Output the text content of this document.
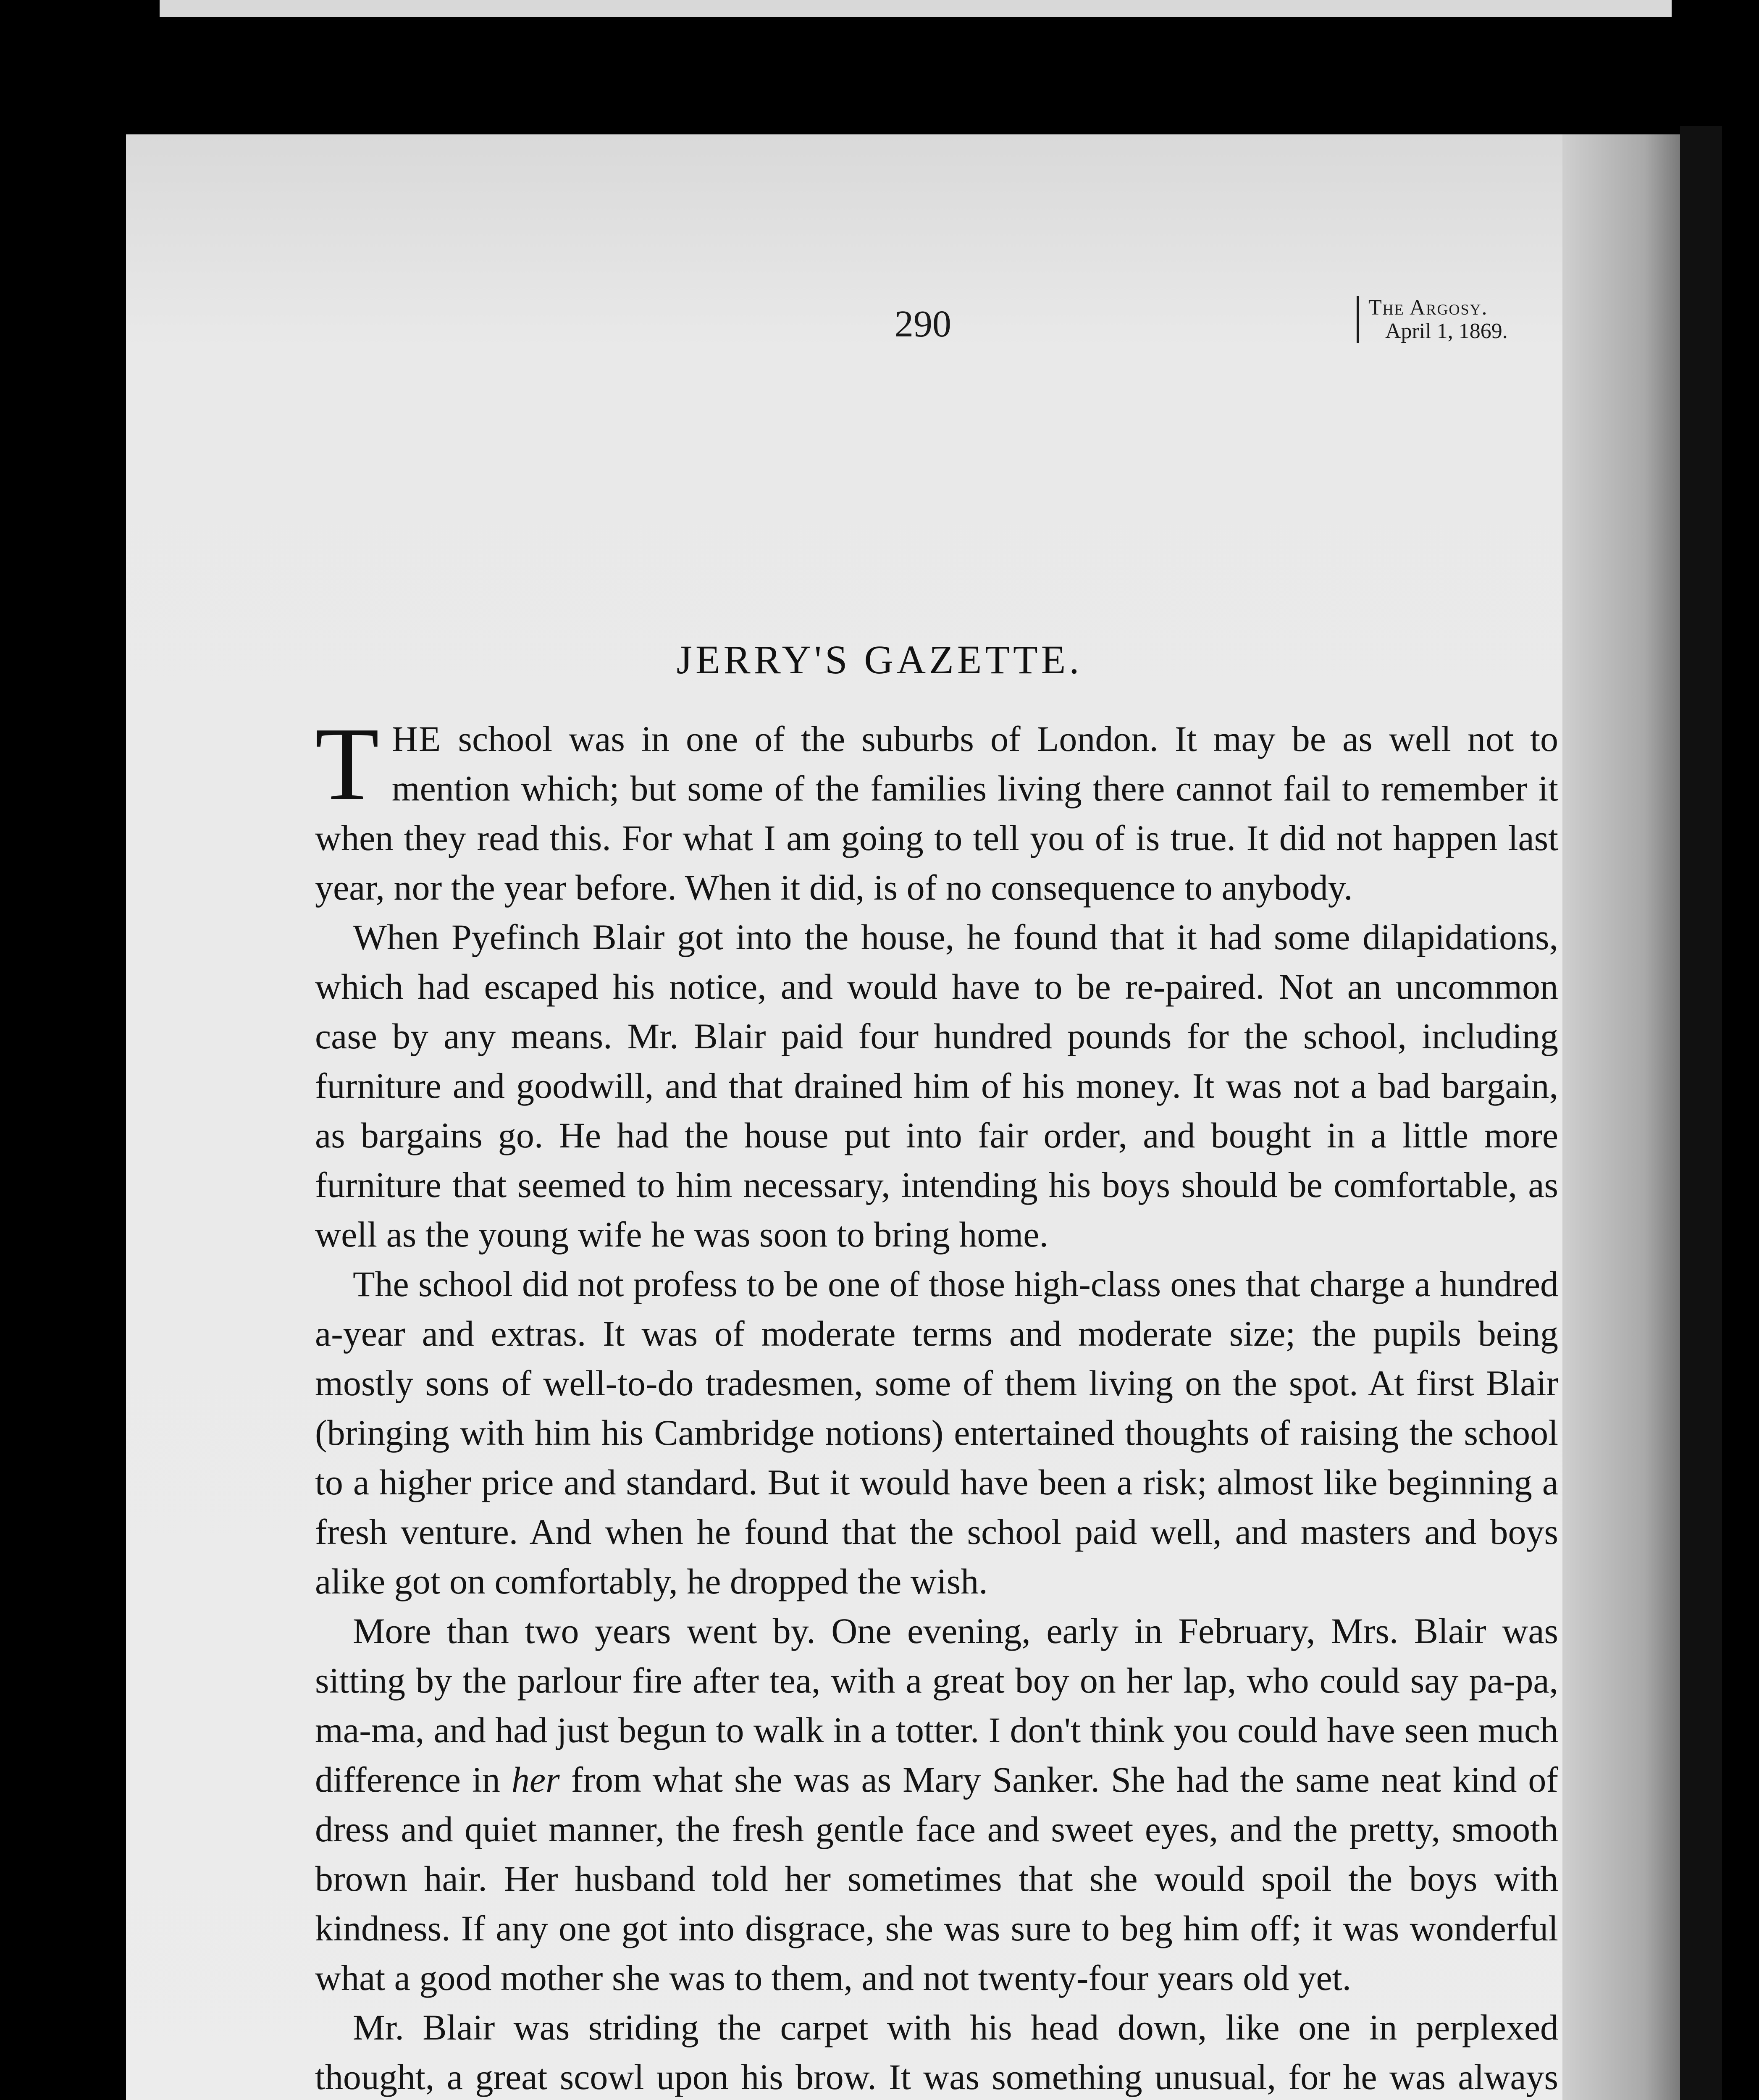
290	The Argosy.
April 1, 1869.
JERRY'S GAZETTE.

THE school was in one of the suburbs of London. It may be as well not to mention which; but some of the families living there cannot fail to remember it when they read this. For what I am going to tell you of is true. It did not happen last year, nor the year before. When it did, is of no consequence to anybody.

When Pyefinch Blair got into the house, he found that it had some dilapidations, which had escaped his notice, and would have to be re-paired. Not an uncommon case by any means. Mr. Blair paid four hundred pounds for the school, including furniture and goodwill, and that drained him of his money. It was not a bad bargain, as bargains go. He had the house put into fair order, and bought in a little more furniture that seemed to him necessary, intending his boys should be comfortable, as well as the young wife he was soon to bring home.

The school did not profess to be one of those high-class ones that charge a hundred a-year and extras. It was of moderate terms and moderate size; the pupils being mostly sons of well-to-do tradesmen, some of them living on the spot. At first Blair (bringing with him his Cambridge notions) entertained thoughts of raising the school to a higher price and standard. But it would have been a risk; almost like beginning a fresh venture. And when he found that the school paid well, and masters and boys alike got on comfortably, he dropped the wish.

More than two years went by. One evening, early in February, Mrs. Blair was sitting by the parlour fire after tea, with a great boy on her lap, who could say pa-pa, ma-ma, and had just begun to walk in a totter. I don't think you could have seen much difference in her from what she was as Mary Sanker. She had the same neat kind of dress and quiet manner, the fresh gentle face and sweet eyes, and the pretty, smooth brown hair. Her husband told her sometimes that she would spoil the boys with kindness. If any one got into disgrace, she was sure to beg him off; it was wonderful what a good mother she was to them, and not twenty-four years old yet.

Mr. Blair was striding the carpet with his head down, like one in perplexed thought, a great scowl upon his brow. It was something unusual, for he was always
